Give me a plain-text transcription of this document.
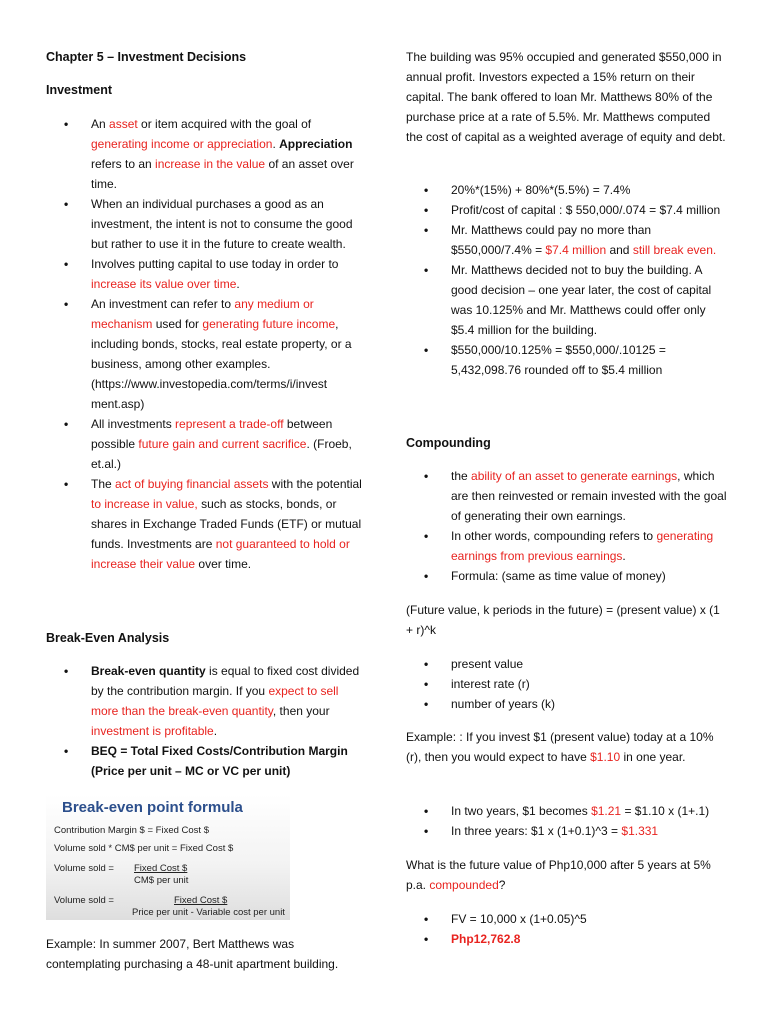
Chapter 5 – Investment Decisions
Investment
• An asset or item acquired with the goal of generating income or appreciation. Appreciation refers to an increase in the value of an asset over time.
• When an individual purchases a good as an investment, the intent is not to consume the good but rather to use it in the future to create wealth.
• Involves putting capital to use today in order to increase its value over time.
• An investment can refer to any medium or mechanism used for generating future income, including bonds, stocks, real estate property, or a business, among other examples. (https://www.investopedia.com/terms/i/invest ment.asp)
• All investments represent a trade-off between possible future gain and current sacrifice. (Froeb, et.al.)
• The act of buying financial assets with the potential to increase in value, such as stocks, bonds, or shares in Exchange Traded Funds (ETF) or mutual funds. Investments are not guaranteed to hold or increase their value over time.
Break-Even Analysis
• Break-even quantity is equal to fixed cost divided by the contribution margin. If you expect to sell more than the break-even quantity, then your investment is profitable.
• BEQ = Total Fixed Costs/Contribution Margin (Price per unit – MC or VC per unit)
Example: In summer 2007, Bert Matthews was contemplating purchasing a 48-unit apartment building.
Break-even point formula
Contribution Margin $ = Fixed Cost $
Volume sold * CM$ per unit = Fixed Cost $
Volume sold = Fixed Cost $
CM$ per unit
Volume sold =	Fixed Cost $
Price per unit - Variable cost per unit
The building was 95% occupied and generated $550,000 in annual profit. Investors expected a 15% return on their capital. The bank offered to loan Mr. Matthews 80% of the purchase price at a rate of 5.5%. Mr. Matthews computed the cost of capital as a weighted average of equity and debt.
• 20%*(15%) + 80%*(5.5%) = 7.4%
• Profit/cost of capital : $ 550,000/.074 = $7.4 million
• Mr. Matthews could pay no more than $550,000/7.4% = $7.4 million and still break even.
• Mr. Matthews decided not to buy the building. A good decision – one year later, the cost of capital was 10.125% and Mr. Matthews could offer only $5.4 million for the building.
• $550,000/10.125% = $550,000/.10125 = 5,432,098.76 rounded off to $5.4 million
Compounding
• the ability of an asset to generate earnings, which are then reinvested or remain invested with the goal of generating their own earnings.
• In other words, compounding refers to generating earnings from previous earnings.
• Formula: (same as time value of money)
(Future value, k periods in the future) = (present value) x (1 + r)^k
• present value
• interest rate (r)
• number of years (k)
Example: : If you invest $1 (present value) today at a 10% (r), then you would expect to have $1.10 in one year.
• In two years, $1 becomes $1.21 = $1.10 x (1+.1)
• In three years: $1 x (1+0.1)^3 = $1.331
What is the future value of Php10,000 after 5 years at 5% p.a. compounded?
• FV = 10,000 x (1+0.05)^5
• Php12,762.8
